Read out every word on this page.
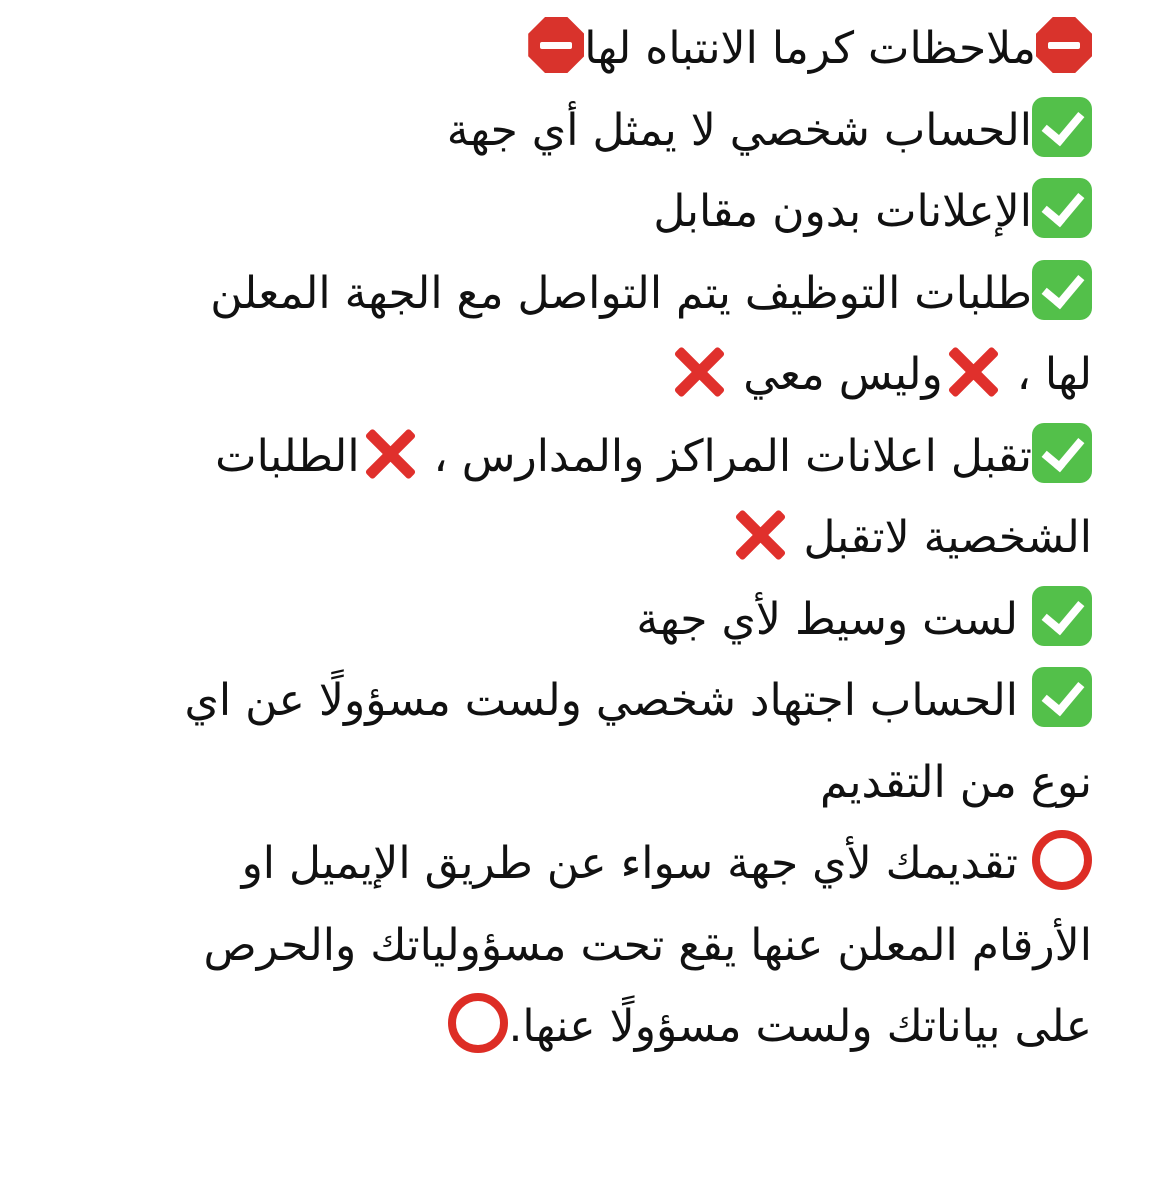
ملاحظات كرما الانتباه لها
الحساب شخصي لا يمثل أي جهة
الإعلانات بدون مقابل
طلبات التوظيف يتم التواصل مع الجهة المعلن
لها ، وليس معي
تقبل اعلانات المراكز والمدارس ، الطلبات
الشخصية لاتقبل
لست وسيط لأي جهة
الحساب اجتهاد شخصي ولست مسؤولًا عن اي
نوع من التقديم
تقديمك لأي جهة سواء عن طريق الإيميل او
الأرقام المعلن عنها يقع تحت مسؤولياتك والحرص
على بياناتك ولست مسؤولًا عنها.
